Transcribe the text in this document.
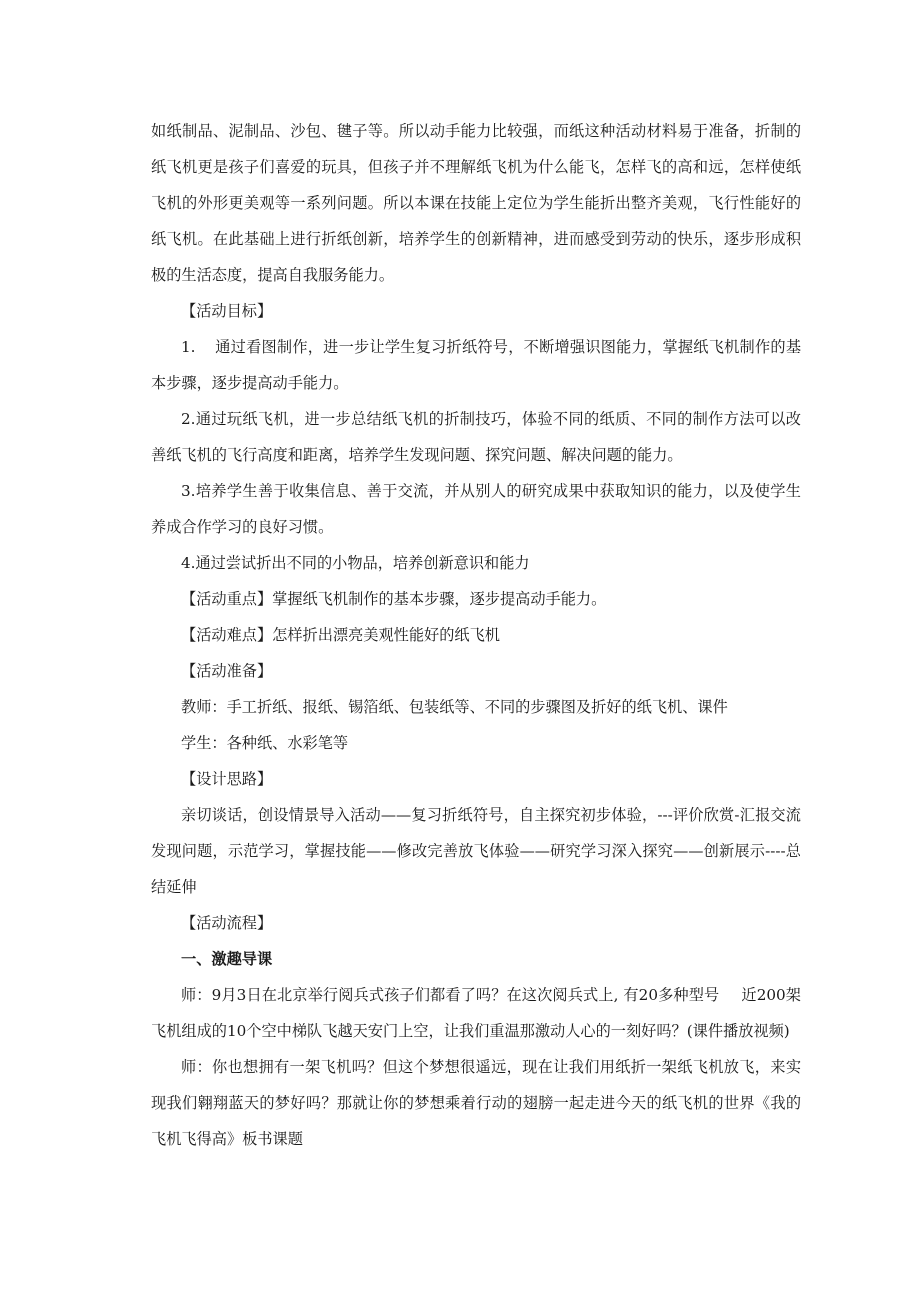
如纸制品、泥制品、沙包、毽子等。所以动手能力比较强，而纸这种活动材料易于准备，折制的纸飞机更是孩子们喜爱的玩具，但孩子并不理解纸飞机为什么能飞，怎样飞的高和远，怎样使纸飞机的外形更美观等一系列问题。所以本课在技能上定位为学生能折出整齐美观，飞行性能好的纸飞机。在此基础上进行折纸创新，培养学生的创新精神，进而感受到劳动的快乐，逐步形成积极的生活态度，提高自我服务能力。

【活动目标】

1. 通过看图制作，进一步让学生复习折纸符号，不断增强识图能力，掌握纸飞机制作的基本步骤，逐步提高动手能力。

2.通过玩纸飞机，进一步总结纸飞机的折制技巧，体验不同的纸质、不同的制作方法可以改善纸飞机的飞行高度和距离，培养学生发现问题、探究问题、解决问题的能力。

3.培养学生善于收集信息、善于交流，并从别人的研究成果中获取知识的能力，以及使学生养成合作学习的良好习惯。

4.通过尝试折出不同的小物品，培养创新意识和能力

【活动重点】掌握纸飞机制作的基本步骤，逐步提高动手能力。

【活动难点】怎样折出漂亮美观性能好的纸飞机

【活动准备】

教师：手工折纸、报纸、锡箔纸、包装纸等、不同的步骤图及折好的纸飞机、课件

学生：各种纸、水彩笔等

【设计思路】

亲切谈话，创设情景导入活动——复习折纸符号，自主探究初步体验，---评价欣赏-汇报交流发现问题，示范学习，掌握技能——修改完善放飞体验——研究学习深入探究——创新展示----总结延伸

【活动流程】

一、激趣导课

师：9月3日在北京举行阅兵式孩子们都看了吗？在这次阅兵式上, 有20多种型号 近200架飞机组成的10个空中梯队飞越天安门上空，让我们重温那激动人心的一刻好吗？(课件播放视频)

师：你也想拥有一架飞机吗？但这个梦想很遥远，现在让我们用纸折一架纸飞机放飞，来实现我们翱翔蓝天的梦好吗？那就让你的梦想乘着行动的翅膀一起走进今天的纸飞机的世界《我的飞机飞得高》板书课题
